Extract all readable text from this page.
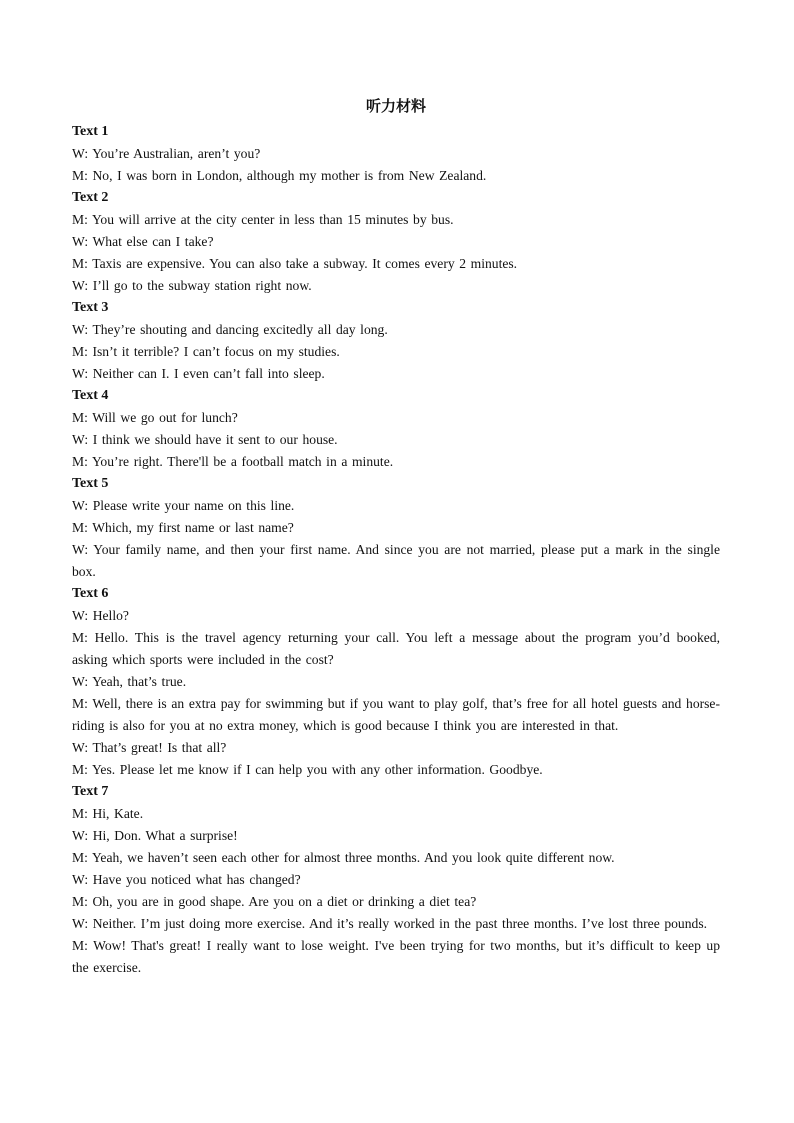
听力材料
Text 1
W: You’re Australian, aren’t you?
M: No, I was born in London, although my mother is from New Zealand.
Text 2
M: You will arrive at the city center in less than 15 minutes by bus.
W: What else can I take?
M: Taxis are expensive. You can also take a subway. It comes every 2 minutes.
W: I’ll go to the subway station right now.
Text 3
W: They’re shouting and dancing excitedly all day long.
M: Isn’t it terrible? I can’t focus on my studies.
W: Neither can I. I even can’t fall into sleep.
Text 4
M: Will we go out for lunch?
W: I think we should have it sent to our house.
M: You’re right. There'll be a football match in a minute.
Text 5
W: Please write your name on this line.
M: Which, my first name or last name?
W: Your family name, and then your first name. And since you are not married, please put a mark in the single box.
Text 6
W: Hello?
M: Hello. This is the travel agency returning your call. You left a message about the program you’d booked, asking which sports were included in the cost?
W: Yeah, that’s true.
M: Well, there is an extra pay for swimming but if you want to play golf, that’s free for all hotel guests and horse-riding is also for you at no extra money, which is good because I think you are interested in that.
W: That’s great! Is that all?
M: Yes. Please let me know if I can help you with any other information. Goodbye.
Text 7
M: Hi, Kate.
W: Hi, Don. What a surprise!
M: Yeah, we haven’t seen each other for almost three months. And you look quite different now.
W: Have you noticed what has changed?
M: Oh, you are in good shape. Are you on a diet or drinking a diet tea?
W: Neither. I’m just doing more exercise. And it’s really worked in the past three months. I’ve lost three pounds.
M: Wow! That's great! I really want to lose weight. I've been trying for two months, but it’s difficult to keep up the exercise.
